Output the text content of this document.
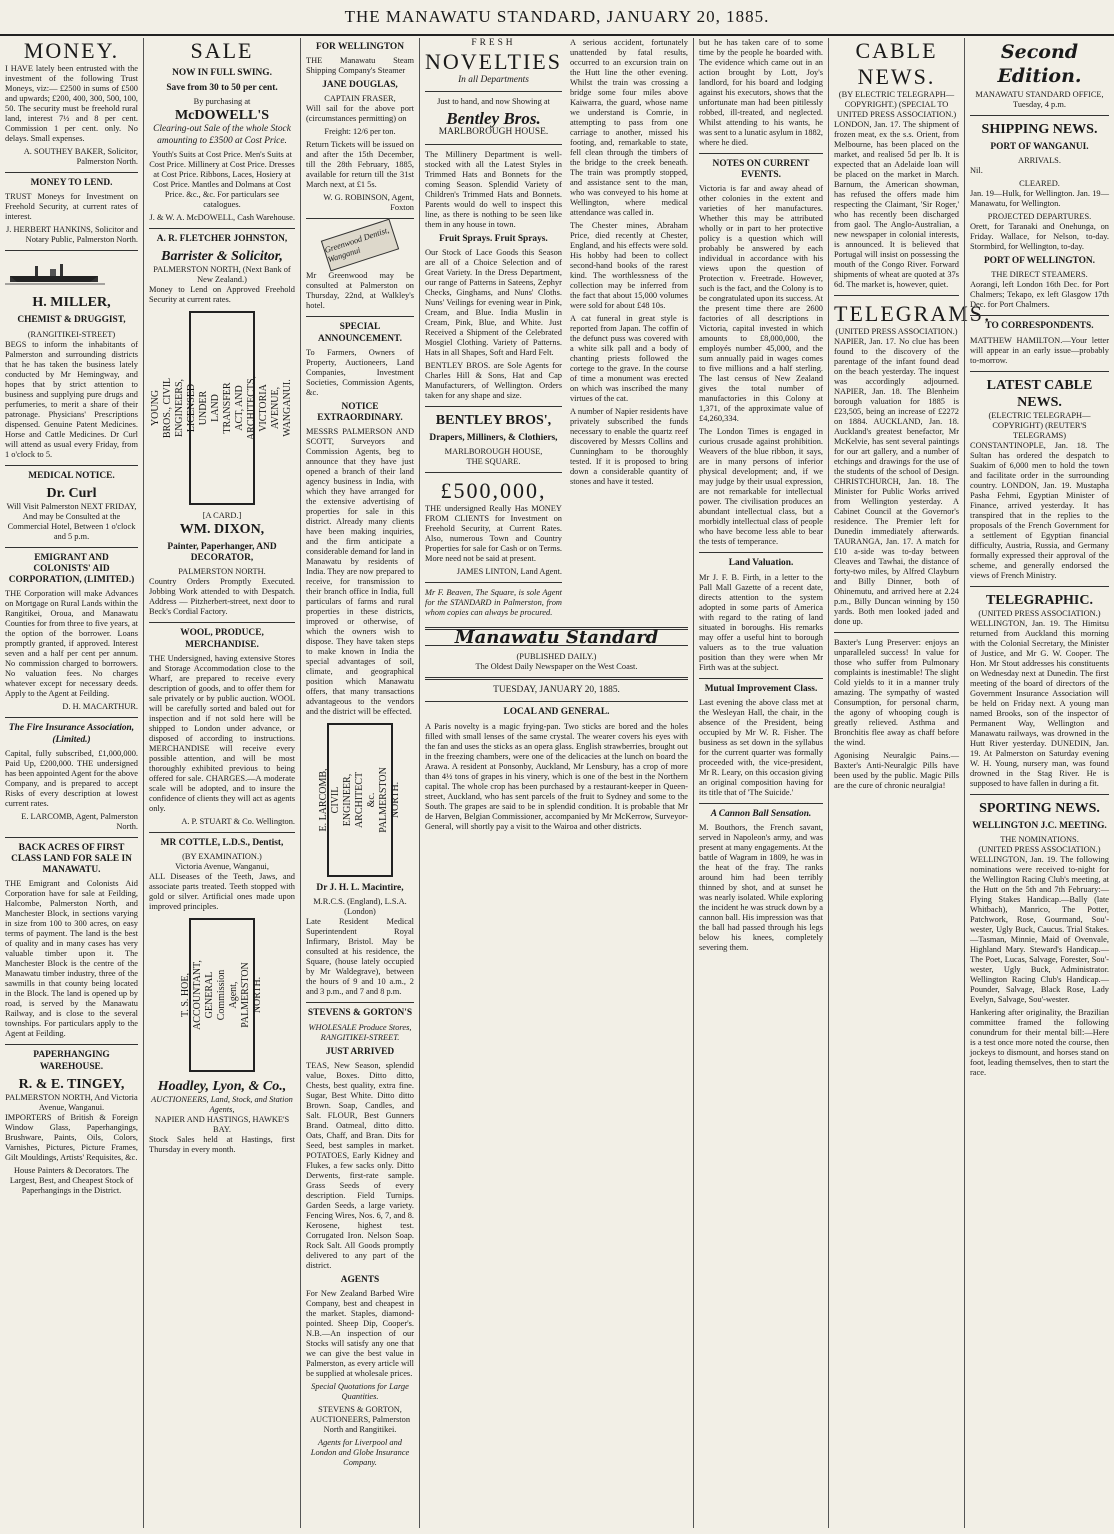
THE MANAWATU STANDARD, JANUARY 20, 1885.
MONEY.

I HAVE lately been entrusted with the investment of the following Trust Moneys, viz:— £2500 in sums of £500 and upwards; £200, 400, 300, 500, 100, 50. The security must be freehold rural land, interest 7½ and 8 per cent. Commission 1 per cent. only. No delays. Small expenses.

A. SOUTHEY BAKER, Solicitor, Palmerston North.

MONEY TO LEND.

TRUST Moneys for Investment on Freehold Security, at current rates of interest.

J. HERBERT HANKINS, Solicitor and Notary Public, Palmerston North.

H. MILLER,
CHEMIST & DRUGGIST,
(RANGITIKEI-STREET)

BEGS to inform the inhabitants of Palmerston and surrounding districts that he has taken the business lately conducted by Mr Hemingway, and hopes that by strict attention to business and supplying pure drugs and perfumeries, to merit a share of their patronage. Physicians' Prescriptions dispensed. Genuine Patent Medicines. Horse and Cattle Medicines. Dr Curl will attend as usual every Friday, from 1 o'clock to 5.

MEDICAL NOTICE.
Dr. Curl

Will Visit Palmerston NEXT FRIDAY, And may be Consulted at the Commercial Hotel, Between 1 o'clock and 5 p.m.

EMIGRANT AND COLONISTS' AID CORPORATION, (LIMITED.)

THE Corporation will make Advances on Mortgage on Rural Lands within the Rangitikei, Oroua, and Manawatu Counties for from three to five years, at the option of the borrower. Loans promptly granted, if approved. Interest seven and a half per cent per annum. No commission charged to borrowers. No valuation fees. No charges whatever except for necessary deeds. Apply to the Agent at Feilding.

D. H. MACARTHUR.

The Fire Insurance Association, (Limited.)

Capital, fully subscribed, £1,000,000. Paid Up, £200,000. THE undersigned has been appointed Agent for the above Company, and is prepared to accept Risks of every description at lowest current rates.

E. LARCOMB, Agent, Palmerston North.

BACK ACRES OF FIRST CLASS LAND FOR SALE IN MANAWATU.

THE Emigrant and Colonists Aid Corporation have for sale at Feilding, Halcombe, Palmerston North, and Manchester Block, in sections varying in size from 100 to 300 acres, on easy terms of payment. The land is the best of quality and in many cases has very valuable timber upon it. The Manchester Block is the centre of the Manawatu timber industry, three of the sawmills in that county being located in the Block. The land is opened up by road, is served by the Manawatu Railway, and is close to the several townships. For particulars apply to the Agent at Feilding.

PAPERHANGING WAREHOUSE.
R. & E. TINGEY,
PALMERSTON NORTH, And Victoria Avenue, Wanganui.

IMPORTERS of British & Foreign Window Glass, Paperhangings, Brushware, Paints, Oils, Colors, Varnishes, Pictures, Picture Frames, Gilt Mouldings, Artists' Requisites, &c.

House Painters & Decorators. The Largest, Best, and Cheapest Stock of Paperhangings in the District.

SALE
NOW IN FULL SWING.
Save from 30 to 50 per cent.
By purchasing at
McDOWELL'S

Clearing-out Sale of the whole Stock amounting to £3500 at Cost Price.

Youth's Suits at Cost Price. Men's Suits at Cost Price. Millinery at Cost Price. Dresses at Cost Price. Ribbons, Laces, Hosiery at Cost Price. Mantles and Dolmans at Cost Price. &c., &c. For particulars see catalogues.

J. & W. A. McDOWELL, Cash Warehouse.

A. R. FLETCHER JOHNSTON,
Barrister & Solicitor,
PALMERSTON NORTH, (Next Bank of New Zealand.)

Money to Lend on Approved Freehold Security at current rates.

YOUNG BROS., CIVIL ENGINEERS, LICENSED UNDER LAND TRANSFER ACT, AND ARCHITECTS, VICTORIA AVENUE, WANGANUI.
[A CARD.]
WM. DIXON,
Painter, Paperhanger, AND DECORATOR,
PALMERSTON NORTH.

Country Orders Promptly Executed. Jobbing Work attended to with Despatch. Address — Pitzherbert-street, next door to Beck's Cordial Factory.

WOOL, PRODUCE, MERCHANDISE.

THE Undersigned, having extensive Stores and Storage Accommodation close to the Wharf, are prepared to receive every description of goods, and to offer them for sale privately or by public auction. WOOL will be carefully sorted and baled out for inspection and if not sold here will be shipped to London under advance, or disposed of according to instructions. MERCHANDISE will receive every possible attention, and will be most thoroughly exhibited previous to being offered for sale. CHARGES.—A moderate scale will be adopted, and to insure the confidence of clients they will act as agents only.

A. P. STUART & Co. Wellington.

MR COTTLE, L.D.S., Dentist,
(BY EXAMINATION.)
Victoria Avenue, Wanganui,

ALL Diseases of the Teeth, Jaws, and associate parts treated. Teeth stopped with gold or silver. Artificial ones made upon improved principles.

T. S. HOE, ACCOUNTANT, GENERAL Commission Agent, PALMERSTON NORTH.
Hoadley, Lyon, & Co.,
AUCTIONEERS, Land, Stock, and Station Agents,
NAPIER AND HASTINGS, HAWKE'S BAY.

Stock Sales held at Hastings, first Thursday in every month.

FOR WELLINGTON

THE Manawatu Steam Shipping Company's Steamer

JANE DOUGLAS,
CAPTAIN FRASER,

Will sail for the above port (circumstances permitting) on

Freight: 12/6 per ton.

Return Tickets will be issued on and after the 15th December, till the 28th February, 1885, available for return till the 31st March next, at £1 5s.

W. G. ROBINSON, Agent, Foxton

Greenwood Dentist, Wanganui

Mr Greenwood may be consulted at Palmerston on Thursday, 22nd, at Walkley's hotel.

SPECIAL ANNOUNCEMENT.

To Farmers, Owners of Property, Auctioneers, Land Companies, Investment Societies, Commission Agents, &c.

NOTICE EXTRAORDINARY.

MESSRS PALMERSON AND SCOTT, Surveyors and Commission Agents, beg to announce that they have just opened a branch of their land agency business in India, with which they have arranged for the extensive advertising of properties for sale in this district. Already many clients have been making inquiries, and the firm anticipate a considerable demand for land in Manawatu by residents of India. They are now prepared to receive, for transmission to their branch office in India, full particulars of farms and rural properties in these districts, improved or otherwise, of which the owners wish to dispose. They have taken steps to make known in India the special advantages of soil, climate, and geographical position which Manawatu offers, that many transactions advantageous to the vendors and the district will be effected.

E. LARCOMB, CIVIL ENGINEER, ARCHITECT &c. PALMERSTON NORTH.
Dr J. H. L. Macintire,
M.R.C.S. (England), L.S.A. (London)

Late Resident Medical Superintendent Royal Infirmary, Bristol. May be consulted at his residence, the Square, (house lately occupied by Mr Waldegrave), between the hours of 9 and 10 a.m., 2 and 3 p.m., and 7 and 8 p.m.

STEVENS & GORTON'S
WHOLESALE Produce Stores, RANGITIKEI-STREET.
JUST ARRIVED

TEAS, New Season, splendid value, Boxes. Ditto ditto, Chests, best quality, extra fine. Sugar, Best White. Ditto ditto Brown. Soap, Candles, and Salt. FLOUR, Best Gunners Brand. Oatmeal, ditto ditto. Oats, Chaff, and Bran. Dits for Seed, best samples in market. POTATOES, Early Kidney and Flukes, a few sacks only. Ditto Derwents, first-rate sample. Grass Seeds of every description. Field Turnips. Garden Seeds, a large variety. Fencing Wires, Nos. 6, 7, and 8. Kerosene, highest test. Corrugated Iron. Nelson Soap. Rock Salt. All Goods promptly delivered to any part of the district.

AGENTS

For New Zealand Barbed Wire Company, best and cheapest in the market. Staples, diamond-pointed. Sheep Dip, Cooper's. N.B.—An inspection of our Stocks will satisfy any one that we can give the best value in Palmerston, as every article will be supplied at wholesale prices.

Special Quotations for Large Quantities.

STEVENS & GORTON, AUCTIONEERS, Palmerston North and Rangitikei.

Agents for Liverpool and London and Globe Insurance Company.

FRESH
NOVELTIES
In all Departments

Just to hand, and now Showing at

Bentley Bros.
MARLBOROUGH HOUSE.

The Millinery Department is well-stocked with all the Latest Styles in Trimmed Hats and Bonnets for the coming Season. Splendid Variety of Children's Trimmed Hats and Bonnets. Parents would do well to inspect this line, as there is nothing to be seen like them in any house in town.

Fruit Sprays. Fruit Sprays.

Our Stock of Lace Goods this Season are all of a Choice Selection and of Great Variety. In the Dress Department, our range of Patterns in Sateens, Zephyr Checks, Ginghams, and Nuns' Cloths. Nuns' Veilings for evening wear in Pink, Cream, and Blue. India Muslin in Cream, Pink, Blue, and White. Just Received a Shipment of the Celebrated Mosgiel Clothing. Variety of Patterns. Hats in all Shapes, Soft and Hard Felt.

BENTLEY BROS. are Sole Agents for Charles Hill & Sons, Hat and Cap Manufacturers, of Wellington. Orders taken for any shape and size.

BENTLEY BROS',
Drapers, Milliners, & Clothiers,
MARLBOROUGH HOUSE,
THE SQUARE.
£500,000,

THE undersigned Really Has MONEY FROM CLIENTS for Investment on Freehold Security, at Current Rates. Also, numerous Town and Country Properties for sale for Cash or on Terms. More need not be said at present.

JAMES LINTON, Land Agent.

Mr F. Beaven, The Square, is sole Agent for the STANDARD in Palmerston, from whom copies can always be procured.

A serious accident, fortunately unattended by fatal results, occurred to an excursion train on the Hutt line the other evening. Whilst the train was crossing a bridge some four miles above Kaiwarra, the guard, whose name we understand is Comrie, in attempting to pass from one carriage to another, missed his footing, and, remarkable to state, fell clean through the timbers of the bridge to the creek beneath. The train was promptly stopped, and assistance sent to the man, who was conveyed to his home at Wellington, where medical attendance was called in.

The Chester mines, Abraham Price, died recently at Chester, England, and his effects were sold. His hobby had been to collect second-hand books of the rarest kind. The worthlessness of the collection may be inferred from the fact that about 15,000 volumes were sold for about £48 10s.

A cat funeral in great style is reported from Japan. The coffin of the defunct puss was covered with a white silk pall and a body of chanting priests followed the cortege to the grave. In the course of time a monument was erected on which was inscribed the many virtues of the cat.

A number of Napier residents have privately subscribed the funds necessary to enable the quartz reef discovered by Messrs Collins and Cunningham to be thoroughly tested. If it is proposed to bring down a considerable quantity of stones and have it tested.

Manawatu Standard
(PUBLISHED DAILY.)
The Oldest Daily Newspaper on the West Coast.
TUESDAY, JANUARY 20, 1885.
LOCAL AND GENERAL.

A Paris novelty is a magic frying-pan. Two sticks are bored and the holes filled with small lenses of the same crystal. The wearer covers his eyes with the fan and uses the sticks as an opera glass. English strawberries, brought out in the freezing chambers, were one of the delicacies at the lunch on board the Arawa. A resident at Ponsonby, Auckland, Mr Lensbury, has a crop of more than 4½ tons of grapes in his vinery, which is one of the best in the Northern capital. The whole crop has been purchased by a restaurant-keeper in Queen-street, Auckland, who has sent parcels of the fruit to Sydney and some to the South. The grapes are said to be in splendid condition. It is probable that Mr de Harven, Belgian Commissioner, accompanied by Mr McKerrow, Surveyor-General, will shortly pay a visit to the Wairoa and other districts.

but he has taken care of to some time by the people he boarded with. The evidence which came out in an action brought by Lott, Joy's landlord, for his board and lodging against his executors, shows that the unfortunate man had been pitilessly robbed, ill-treated, and neglected. Whilst attending to his wants, he was sent to a lunatic asylum in 1882, where he died.

NOTES ON CURRENT EVENTS.

Victoria is far and away ahead of other colonies in the extent and varieties of her manufactures. Whether this may be attributed wholly or in part to her protective policy is a question which will probably be answered by each individual in accordance with his views upon the question of Protection v. Freetrade. However, such is the fact, and the Colony is to be congratulated upon its success. At the present time there are 2600 factories of all descriptions in Victoria, capital invested in which amounts to £8,000,000, the employés number 45,000, and the sum annually paid in wages comes to five millions and a half sterling. The last census of New Zealand gives the total number of manufactories in this Colony at 1,371, of the approximate value of £4,260,334.

The London Times is engaged in curious crusade against prohibition. Weavers of the blue ribbon, it says, are in many persons of inferior physical development; and, if we may judge by their usual expression, are not remarkable for intellectual power. The civilisation produces an abundant intellectual class, but a morbidly intellectual class of people who have become less able to bear the tests of temperance.

Land Valuation.

Mr J. F. B. Firth, in a letter to the Pall Mall Gazette of a recent date, directs attention to the system adopted in some parts of America with regard to the rating of land situated in boroughs. His remarks may offer a useful hint to borough valuers as to the true valuation position than they were when Mr Firth was at the subject.

Mutual Improvement Class.

Last evening the above class met at the Wesleyan Hall, the chair, in the absence of the President, being occupied by Mr W. R. Fisher. The business as set down in the syllabus for the current quarter was formally proceeded with, the vice-president, Mr R. Leary, on this occasion giving an original composition having for its title that of 'The Suicide.'

A Cannon Ball Sensation.

M. Bouthors, the French savant, served in Napoleon's army, and was present at many engagements. At the battle of Wagram in 1809, he was in the heat of the fray. The ranks around him had been terribly thinned by shot, and at sunset he was nearly isolated. While exploring the incident he was struck down by a cannon ball. His impression was that the ball had passed through his legs below his knees, completely severing them.

CABLE NEWS.
(BY ELECTRIC TELEGRAPH—COPYRIGHT.) (SPECIAL TO UNITED PRESS ASSOCIATION.)

LONDON, Jan. 17. The shipment of frozen meat, ex the s.s. Orient, from Melbourne, has been placed on the market, and realised 5d per lb. It is expected that an Adelaide loan will be placed on the market in March. Barnum, the American showman, has refused the offers made him respecting the Claimant, 'Sir Roger,' who has recently been discharged from gaol. The Anglo-Australian, a new newspaper in colonial interests, is announced. It is believed that Portugal will insist on possessing the mouth of the Congo River. Forward shipments of wheat are quoted at 37s 6d. The market is, however, quiet.

TELEGRAMS.
(UNITED PRESS ASSOCIATION.)

NAPIER, Jan. 17. No clue has been found to the discovery of the parentage of the infant found dead on the beach yesterday. The inquest was accordingly adjourned. NAPIER, Jan. 18. The Blenheim borough valuation for 1885 is £23,505, being an increase of £2272 on 1884. AUCKLAND, Jan. 18. Auckland's greatest benefactor, Mr McKelvie, has sent several paintings for our art gallery, and a number of etchings and drawings for the use of the students of the school of Design. CHRISTCHURCH, Jan. 18. The Minister for Public Works arrived from Wellington yesterday. A Cabinet Council at the Governor's residence. The Premier left for Dunedin immediately afterwards. TAURANGA, Jan. 17. A match for £10 a-side was to-day between Cleaves and Tawhai, the distance of forty-two miles, by Alfred Clayburn and Billy Dinner, both of Ohinemutu, and arrived here at 2.24 p.m., Billy Duncan winning by 150 yards. Both men looked jaded and done up.

Baxter's Lung Preserver: enjoys an unparalleled success! In value for those who suffer from Pulmonary complaints is inestimable! The slight Cold yields to it in a manner truly amazing. The sympathy of wasted Consumption, for personal charm, the agony of whooping cough is greatly relieved. Asthma and Bronchitis flee away as chaff before the wind.

Agonising Neuralgic Pains.—Baxter's Anti-Neuralgic Pills have been used by the public. Magic Pills are the cure of chronic neuralgia!

Second Edition.
MANAWATU STANDARD OFFICE, Tuesday, 4 p.m.
SHIPPING NEWS.
PORT OF WANGANUI.
ARRIVALS.

Nil.

CLEARED.

Jan. 19—Hulk, for Wellington. Jan. 19—Manawatu, for Wellington.

PROJECTED DEPARTURES.

Orett, for Taranaki and Onehunga, on Friday. Wallace, for Nelson, to-day. Stormbird, for Wellington, to-day.

PORT OF WELLINGTON.
THE DIRECT STEAMERS.

Aorangi, left London 16th Dec. for Port Chalmers; Tekapo, ex left Glasgow 17th Dec. for Port Chalmers.

TO CORRESPONDENTS.

MATTHEW HAMILTON.—Your letter will appear in an early issue—probably to-morrow.

LATEST CABLE NEWS.
(ELECTRIC TELEGRAPH—COPYRIGHT) (REUTER'S TELEGRAMS)

CONSTANTINOPLE, Jan. 18. The Sultan has ordered the despatch to Suakim of 6,000 men to hold the town and facilitate order in the surrounding country. LONDON, Jan. 19. Mustapha Pasha Fehmi, Egyptian Minister of Finance, arrived yesterday. It has transpired that in the replies to the proposals of the French Government for a settlement of Egyptian financial difficulty, Austria, Russia, and Germany formally expressed their approval of the scheme, and generally endorsed the views of French Ministry.

TELEGRAPHIC.
(UNITED PRESS ASSOCIATION.)

WELLINGTON, Jan. 19. The Himitsu returned from Auckland this morning with the Colonial Secretary, the Minister of Justice, and Mr G. W. Cooper. The Hon. Mr Stout addresses his constituents on Wednesday next at Dunedin. The first meeting of the board of directors of the Government Insurance Association will be held on Friday next. A young man named Brooks, son of the inspector of Permanent Way, Wellington and Manawatu railways, was drowned in the Hutt River yesterday. DUNEDIN, Jan. 19. At Palmerston on Saturday evening W. H. Young, nursery man, was found drowned in the Stag River. He is supposed to have fallen in during a fit.

SPORTING NEWS.
WELLINGTON J.C. MEETING.
THE NOMINATIONS.
(UNITED PRESS ASSOCIATION.)

WELLINGTON, Jan. 19. The following nominations were received to-night for the Wellington Racing Club's meeting, at the Hutt on the 5th and 7th February:— Flying Stakes Handicap.—Bally (late Whitbach), Manrico, The Potter, Patchwork, Rose, Gourmand, Sou'-wester, Ugly Buck, Caucus. Trial Stakes.—Tasman, Minnie, Maid of Ovenvale, Highland Mary. Steward's Handicap.—The Poet, Lucas, Salvage, Forester, Sou'-wester, Ugly Buck, Administrator. Wellington Racing Club's Handicap.—Pounder, Salvage, Black Rose, Lady Evelyn, Salvage, Sou'-wester.

Hankering after originality, the Brazilian committee framed the following conundrum for their mental bill:—Here is a test once more noted the course, then jockeys to dismount, and horses stand on foot, leading themselves, then to start the race.
